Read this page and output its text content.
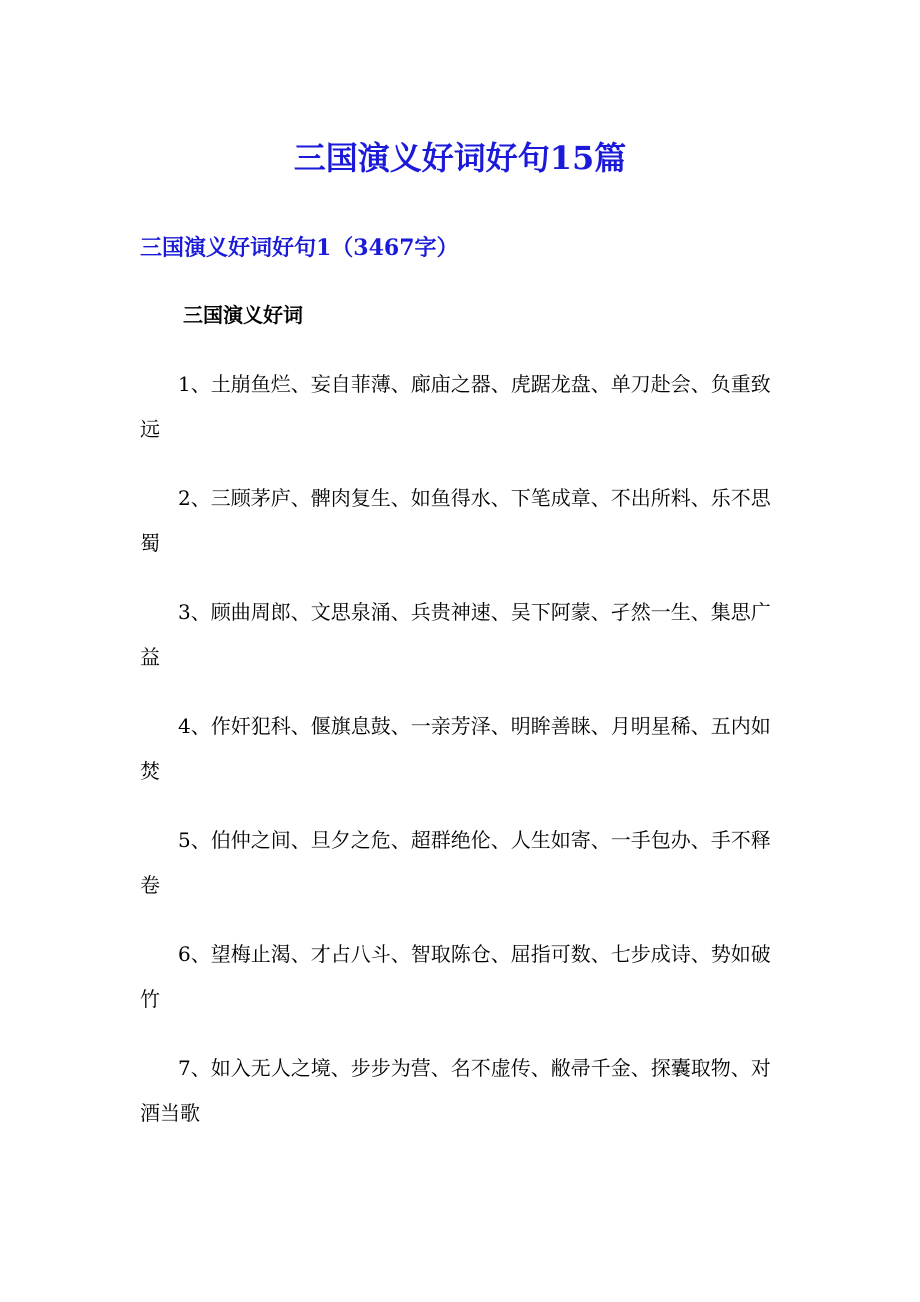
三国演义好词好句15篇
三国演义好词好句1（3467字）
三国演义好词
1、土崩鱼烂、妄自菲薄、廊庙之器、虎踞龙盘、单刀赴会、负重致远
2、三顾茅庐、髀肉复生、如鱼得水、下笔成章、不出所料、乐不思蜀
3、顾曲周郎、文思泉涌、兵贵神速、吴下阿蒙、孑然一生、集思广益
4、作奸犯科、偃旗息鼓、一亲芳泽、明眸善睐、月明星稀、五内如焚
5、伯仲之间、旦夕之危、超群绝伦、人生如寄、一手包办、手不释卷
6、望梅止渴、才占八斗、智取陈仓、屈指可数、七步成诗、势如破竹
7、如入无人之境、步步为营、名不虚传、敝帚千金、探囊取物、对酒当歌
